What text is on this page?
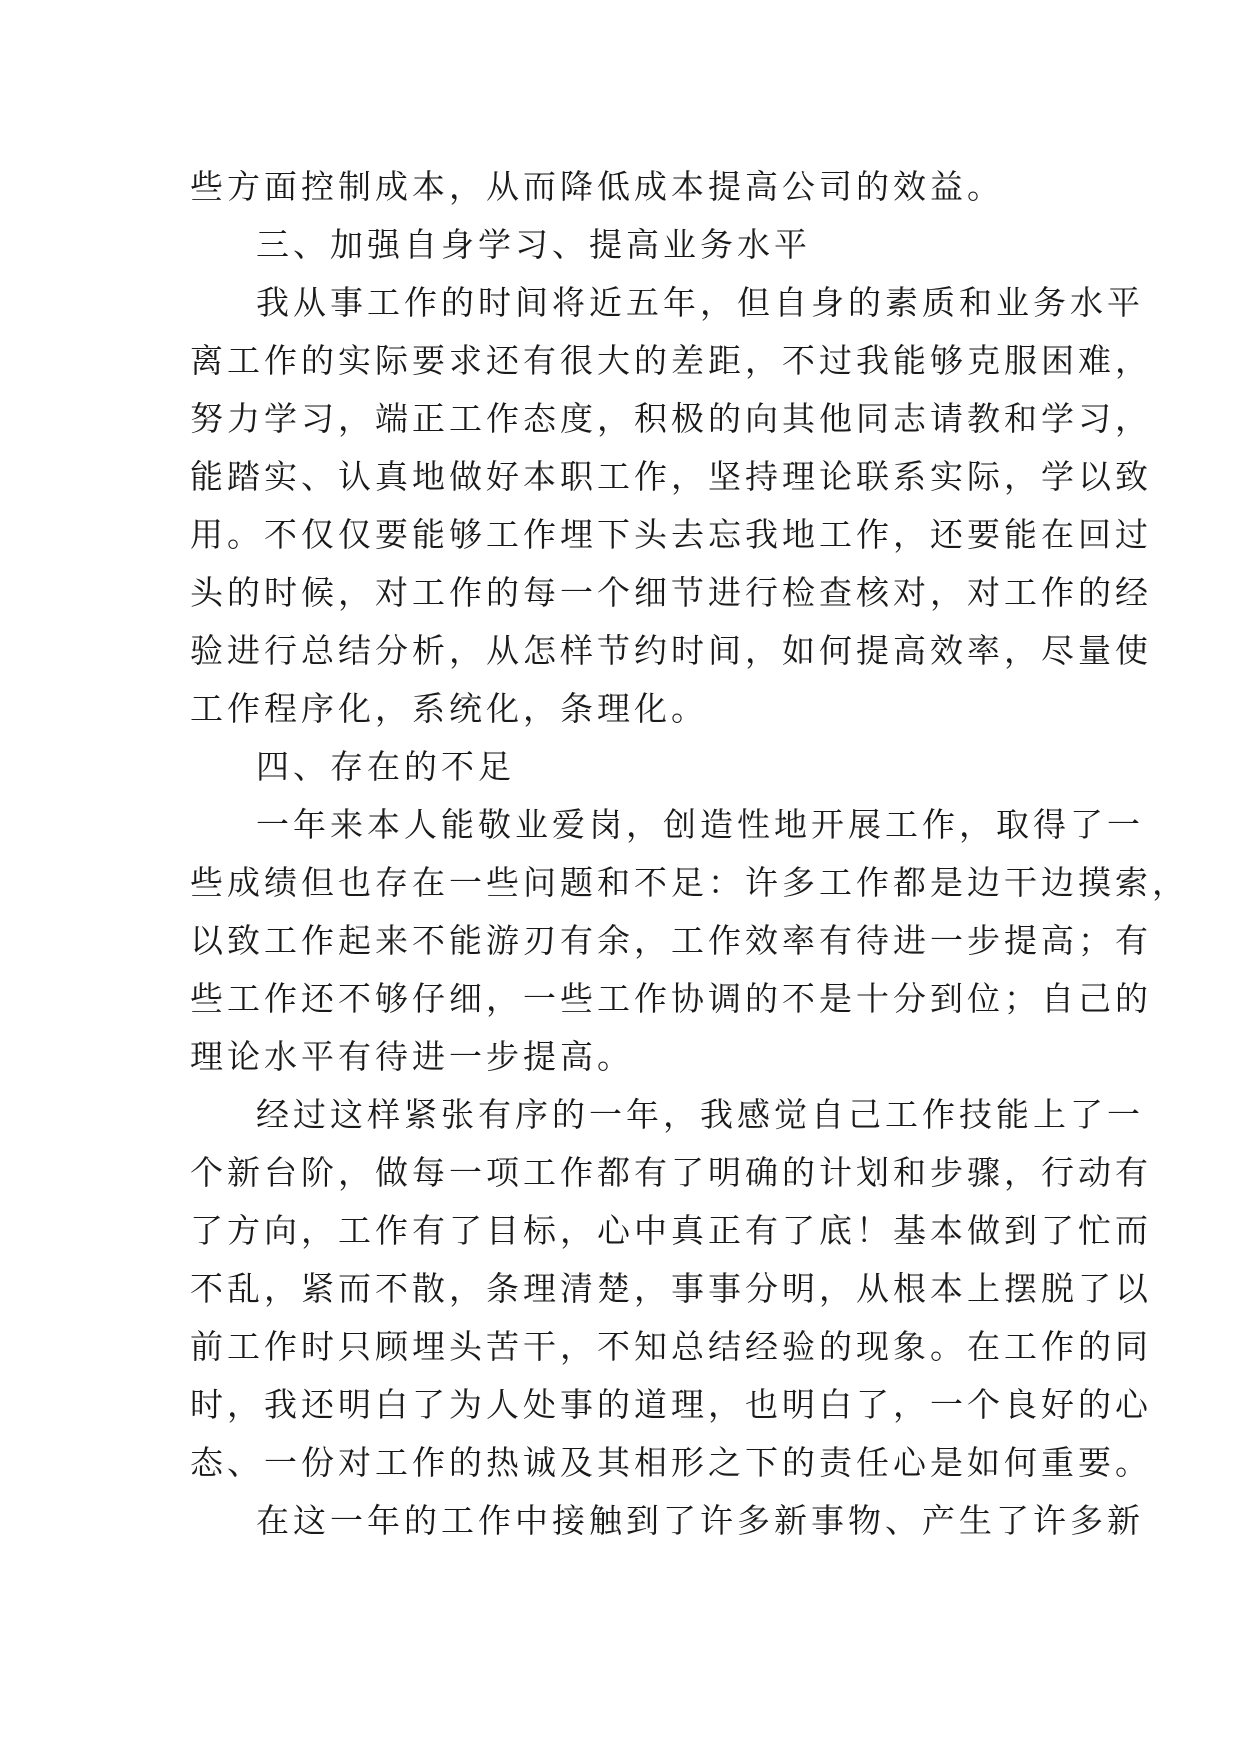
些方面控制成本，从而降低成本提高公司的效益。
三、加强自身学习、提高业务水平
我从事工作的时间将近五年，但自身的素质和业务水平
离工作的实际要求还有很大的差距，不过我能够克服困难，
努力学习，端正工作态度，积极的向其他同志请教和学习，
能踏实、认真地做好本职工作，坚持理论联系实际，学以致
用。不仅仅要能够工作埋下头去忘我地工作，还要能在回过
头的时候，对工作的每一个细节进行检查核对，对工作的经
验进行总结分析，从怎样节约时间，如何提高效率，尽量使
工作程序化，系统化，条理化。
四、存在的不足
一年来本人能敬业爱岗，创造性地开展工作，取得了一
些成绩但也存在一些问题和不足：许多工作都是边干边摸索，
以致工作起来不能游刃有余，工作效率有待进一步提高；有
些工作还不够仔细，一些工作协调的不是十分到位；自己的
理论水平有待进一步提高。
经过这样紧张有序的一年，我感觉自己工作技能上了一
个新台阶，做每一项工作都有了明确的计划和步骤，行动有
了方向，工作有了目标，心中真正有了底！基本做到了忙而
不乱，紧而不散，条理清楚，事事分明，从根本上摆脱了以
前工作时只顾埋头苦干，不知总结经验的现象。在工作的同
时，我还明白了为人处事的道理，也明白了，一个良好的心
态、一份对工作的热诚及其相形之下的责任心是如何重要。
在这一年的工作中接触到了许多新事物、产生了许多新
